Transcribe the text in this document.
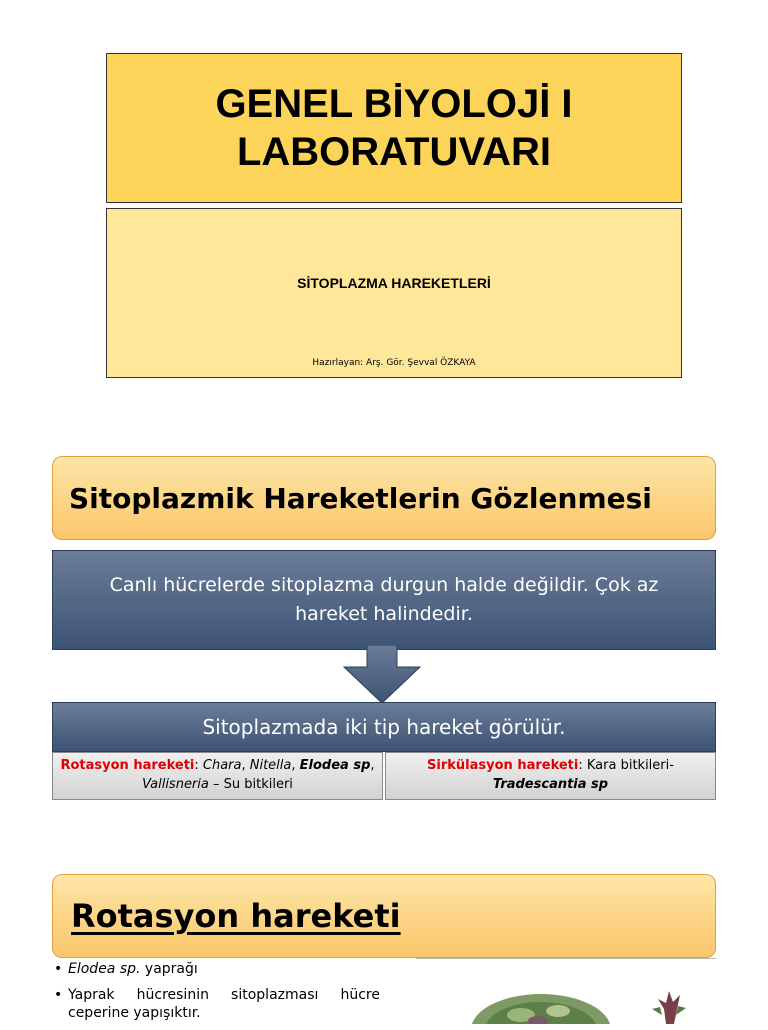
GENEL BİYOLOJİ I
LABORATUVARI
SİTOPLAZMA HAREKETLERİ
Hazırlayan: Arş. Gör. Şevval ÖZKAYA
Sitoplazmik Hareketlerin Gözlenmesi
Canlı hücrelerde sitoplazma durgun halde değildir. Çok az hareket halindedir.
Sitoplazmada iki tip hareket görülür.
Rotasyon hareketi: Chara, Nitella, Elodea sp, Vallisneria – Su bitkileri
Sirkülasyon hareketi: Kara bitkileri-
Tradescantia sp
Rotasyon hareketi
• Elodea sp. yaprağı
• Yaprak hücresinin sitoplazması hücre ceperine yapışıktır.
